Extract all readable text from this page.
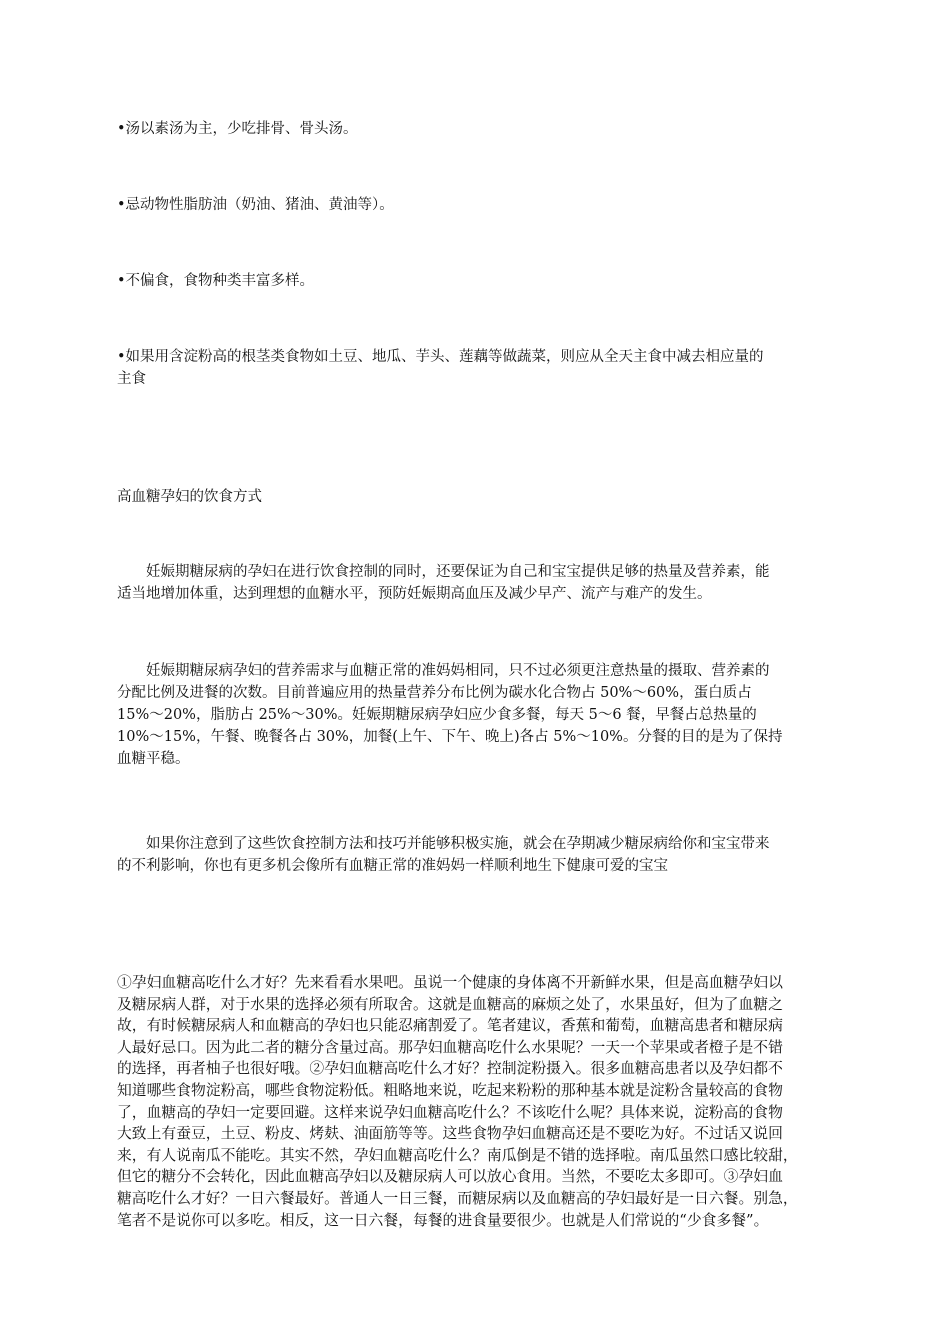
•汤以素汤为主，少吃排骨、骨头汤。
•忌动物性脂肪油（奶油、猪油、黄油等）。
•不偏食，食物种类丰富多样。
•如果用含淀粉高的根茎类食物如土豆、地瓜、芋头、莲藕等做蔬菜，则应从全天主食中减去相应量的
主食
高血糖孕妇的饮食方式
妊娠期糖尿病的孕妇在进行饮食控制的同时，还要保证为自己和宝宝提供足够的热量及营养素，能
适当地增加体重，达到理想的血糖水平，预防妊娠期高血压及减少早产、流产与难产的发生。
妊娠期糖尿病孕妇的营养需求与血糖正常的准妈妈相同，只不过必须更注意热量的摄取、营养素的
分配比例及进餐的次数。目前普遍应用的热量营养分布比例为碳水化合物占 50%～60%，蛋白质占
15%～20%，脂肪占 25%～30%。妊娠期糖尿病孕妇应少食多餐，每天 5～6 餐，早餐占总热量的
10%～15%，午餐、晚餐各占 30%，加餐(上午、下午、晚上)各占 5%～10%。分餐的目的是为了保持
血糖平稳。
如果你注意到了这些饮食控制方法和技巧并能够积极实施，就会在孕期减少糖尿病给你和宝宝带来
的不利影响，你也有更多机会像所有血糖正常的准妈妈一样顺利地生下健康可爱的宝宝
①孕妇血糖高吃什么才好？先来看看水果吧。虽说一个健康的身体离不开新鲜水果，但是高血糖孕妇以
及糖尿病人群，对于水果的选择必须有所取舍。这就是血糖高的麻烦之处了，水果虽好，但为了血糖之
故，有时候糖尿病人和血糖高的孕妇也只能忍痛割爱了。笔者建议，香蕉和葡萄，血糖高患者和糖尿病
人最好忌口。因为此二者的糖分含量过高。那孕妇血糖高吃什么水果呢？一天一个苹果或者橙子是不错
的选择，再者柚子也很好哦。②孕妇血糖高吃什么才好？控制淀粉摄入。很多血糖高患者以及孕妇都不
知道哪些食物淀粉高，哪些食物淀粉低。粗略地来说，吃起来粉粉的那种基本就是淀粉含量较高的食物
了，血糖高的孕妇一定要回避。这样来说孕妇血糖高吃什么？不该吃什么呢？具体来说，淀粉高的食物
大致上有蚕豆，土豆、粉皮、烤麸、油面筋等等。这些食物孕妇血糖高还是不要吃为好。不过话又说回
来，有人说南瓜不能吃。其实不然，孕妇血糖高吃什么？南瓜倒是不错的选择啦。南瓜虽然口感比较甜，
但它的糖分不会转化，因此血糖高孕妇以及糖尿病人可以放心食用。当然，不要吃太多即可。③孕妇血
糖高吃什么才好？一日六餐最好。普通人一日三餐，而糖尿病以及血糖高的孕妇最好是一日六餐。别急，
笔者不是说你可以多吃。相反，这一日六餐，每餐的进食量要很少。也就是人们常说的“少食多餐”。
